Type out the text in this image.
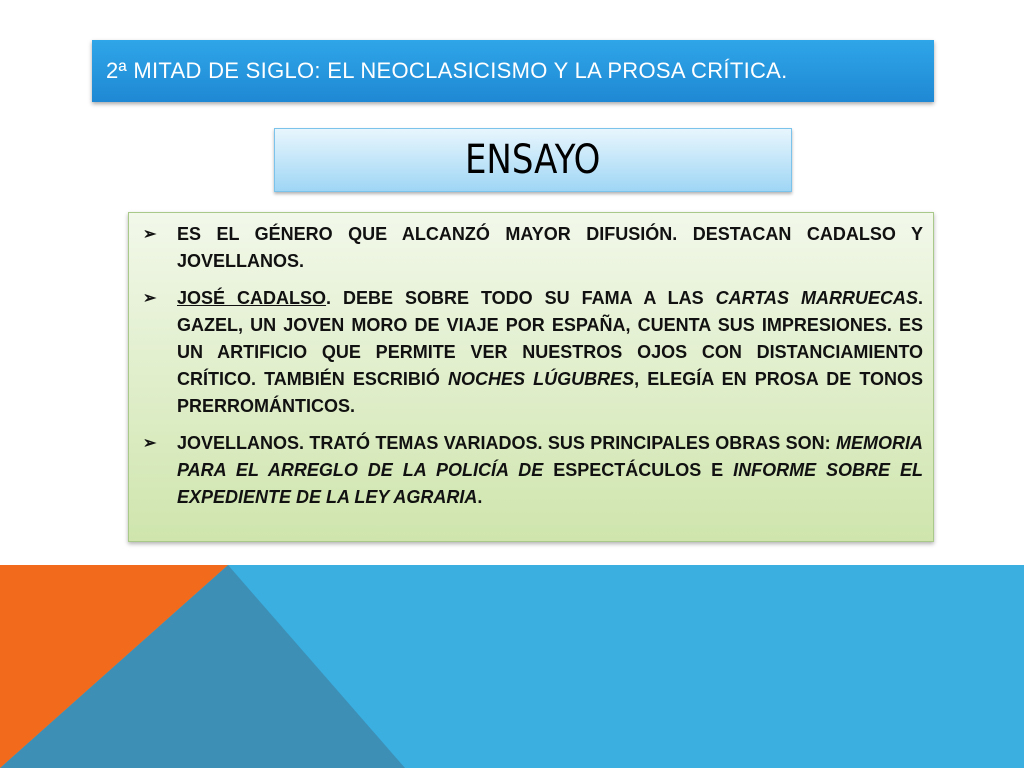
2ª MITAD DE SIGLO: EL NEOCLASICISMO Y LA PROSA CRÍTICA.
ENSAYO
➢ ES EL GÉNERO QUE ALCANZÓ MAYOR DIFUSIÓN. DESTACAN CADALSO Y JOVELLANOS.
➢ JOSÉ CADALSO. DEBE SOBRE TODO SU FAMA A LAS CARTAS MARRUECAS. GAZEL, UN JOVEN MORO DE VIAJE POR ESPAÑA, CUENTA SUS IMPRESIONES. ES UN ARTIFICIO QUE PERMITE VER NUESTROS OJOS CON DISTANCIAMIENTO CRÍTICO. TAMBIÉN ESCRIBIÓ NOCHES LÚGUBRES, ELEGÍA EN PROSA DE TONOS PRERROMÁNTICOS.
➢ JOVELLANOS. TRATÓ TEMAS VARIADOS. SUS PRINCIPALES OBRAS SON: MEMORIA PARA EL ARREGLO DE LA POLICÍA DE ESPECTÁCULOS E INFORME SOBRE EL EXPEDIENTE DE LA LEY AGRARIA.
